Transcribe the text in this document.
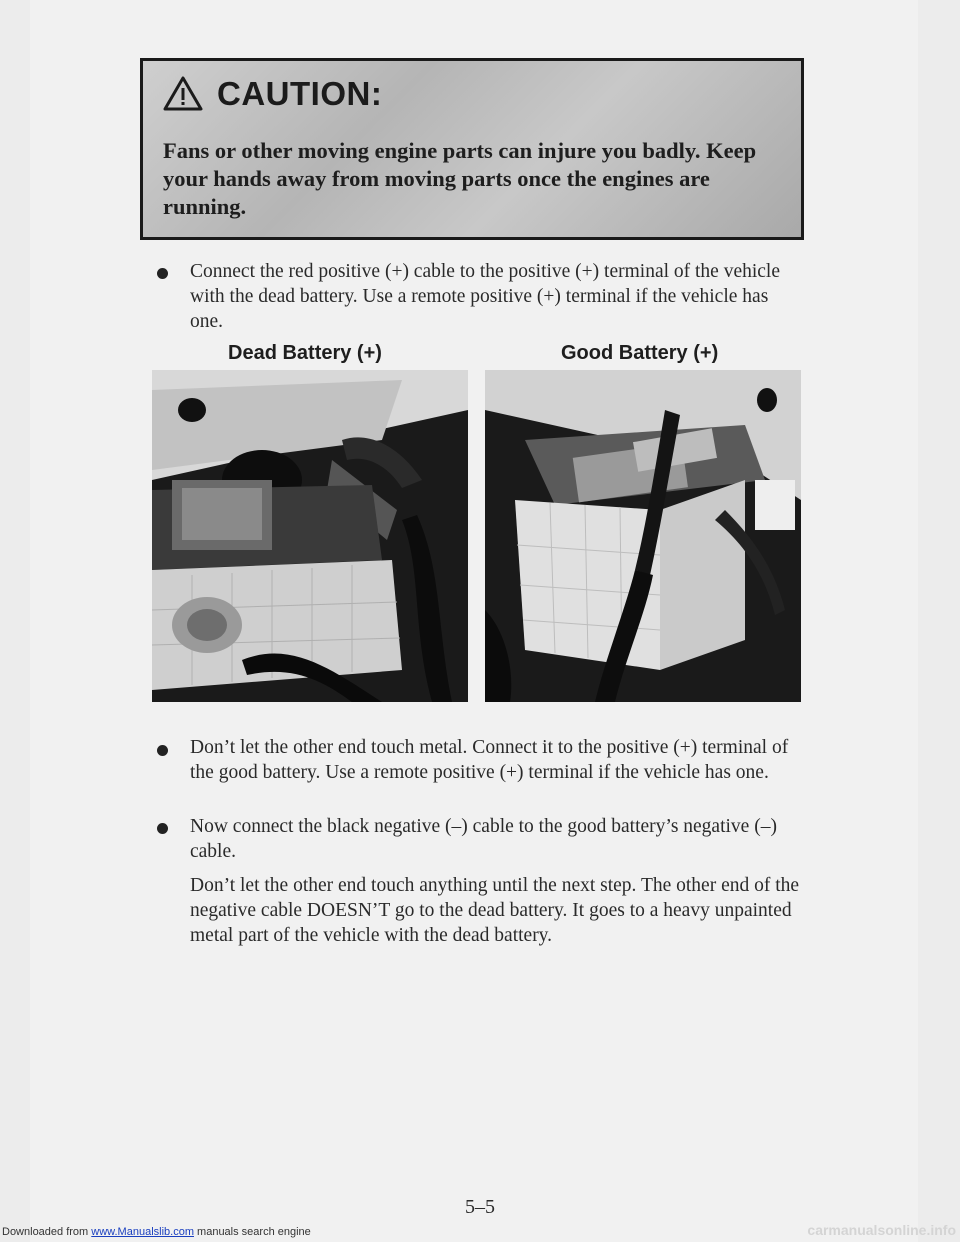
CAUTION:
Fans or other moving engine parts can injure you badly. Keep your hands away from moving parts once the engines are running.
Connect the red positive (+) cable to the positive (+) terminal of the vehicle with the dead battery. Use a remote positive (+) terminal if the vehicle has one.
Dead Battery (+)	Good Battery (+)
Don’t let the other end touch metal. Connect it to the positive (+) terminal of the good battery. Use a remote positive (+) terminal if the vehicle has one.
Now connect the black negative (–) cable to the good battery’s negative (–) cable.
Don’t let the other end touch anything until the next step. The other end of the negative cable DOESN’T go to the dead battery. It goes to a heavy unpainted metal part of the vehicle with the dead battery.
5–5
Downloaded from www.Manualslib.com manuals search engine	carmanualsonline.info
